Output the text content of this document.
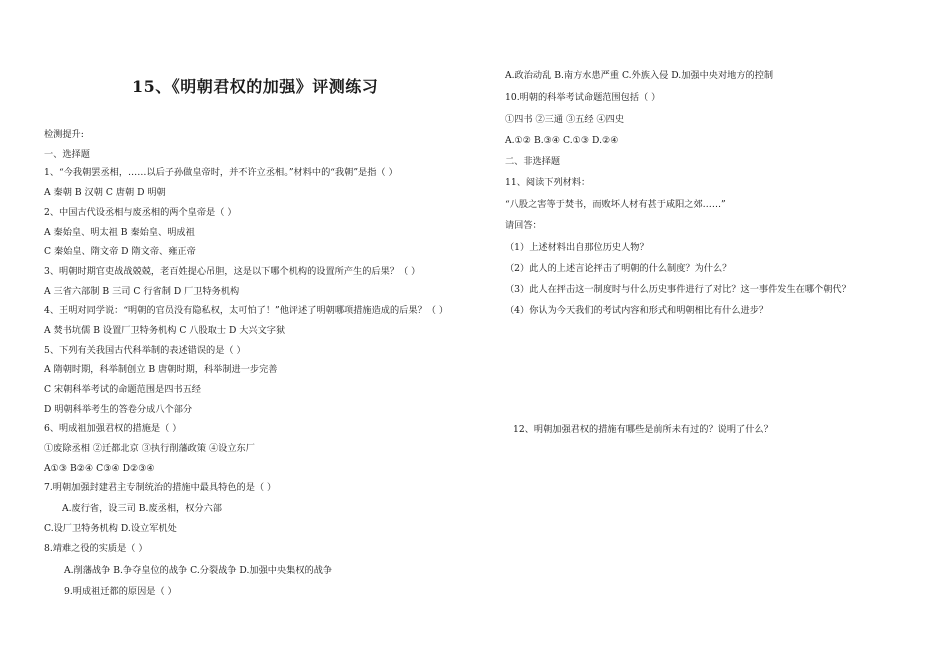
15、《明朝君权的加强》评测练习
检测提升:
一、选择题
1、“今我朝罢丞相，……以后子孙做皇帝时，并不许立丞相。”材料中的“我朝”是指（ ）
A 秦朝 B 汉朝 C 唐朝 D 明朝
2、中国古代设丞相与废丞相的两个皇帝是（ ）
A 秦始皇、明太祖 B 秦始皇、明成祖
C 秦始皇、隋文帝 D 隋文帝、雍正帝
3、明朝时期官吏战战兢兢，老百姓提心吊胆，这是以下哪个机构的设置所产生的后果？（ ）
A 三省六部制 B 三司 C 行省制 D 厂卫特务机构
4、王明对同学说：“明朝的官员没有隐私权，太可怕了！”他评述了明朝哪项措施造成的后果？（ ）
A 焚书坑儒 B 设置厂卫特务机构 C 八股取士 D 大兴文字狱
5、下列有关我国古代科举制的表述错误的是（ ）
A 隋朝时期，科举制创立 B 唐朝时期，科举制进一步完善
C 宋朝科举考试的命题范围是四书五经
D 明朝科举考生的答卷分成八个部分
6、明成祖加强君权的措施是（ ）
①废除丞相 ②迁都北京 ③执行削藩政策 ④设立东厂
A①③ B②④ C③④ D②③④
7.明朝加强封建君主专制统治的措施中最具特色的是（ ）
A.废行省，设三司 B.废丞相，权分六部
C.设厂卫特务机构 D.设立军机处
8.靖难之役的实质是（ ）
A.削藩战争 B.争夺皇位的战争 C.分裂战争 D.加强中央集权的战争
9.明成祖迁都的原因是（ ）
A.政治动乱 B.南方水患严重 C.外族入侵 D.加强中央对地方的控制
10.明朝的科举考试命题范围包括（ ）
①四书 ②三通 ③五经 ④四史
A.①② B.③④ C.①③ D.②④
二、非选择题
11、阅读下列材料：
“八股之害等于焚书，而败坏人材有甚于咸阳之郊……”
请回答：
（1）上述材料出自那位历史人物？
（2）此人的上述言论抨击了明朝的什么制度？为什么？
（3）此人在抨击这一制度时与什么历史事件进行了对比？这一事件发生在哪个朝代？
（4）你认为今天我们的考试内容和形式和明朝相比有什么进步？
12、明朝加强君权的措施有哪些是前所未有过的？说明了什么？
